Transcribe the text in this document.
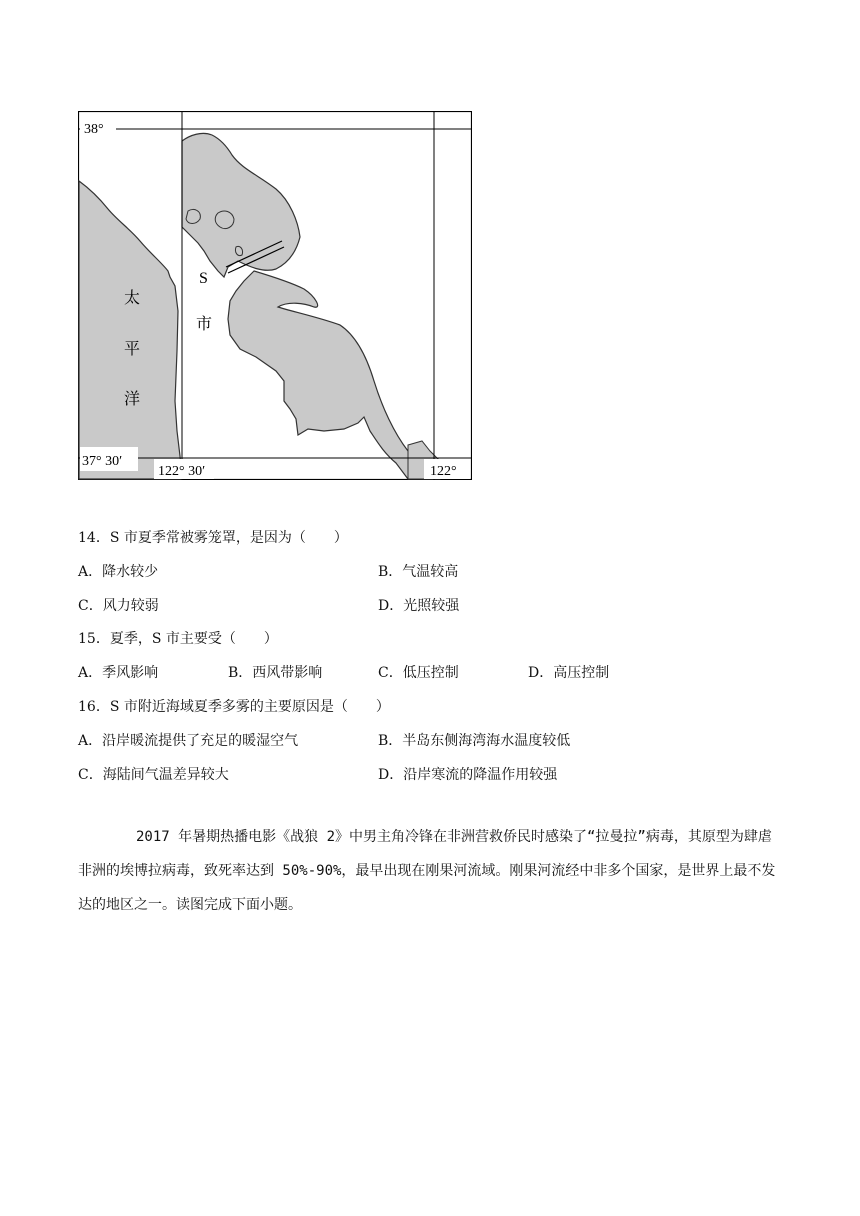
38°
37° 30′
122° 30′	122°
S
市
太
平
洋
14．S 市夏季常被雾笼罩，是因为（　　）
A．降水较少	B．气温较高
C．风力较弱	D．光照较强
15．夏季，S 市主要受（　　）
A．季风影响	B．西风带影响	C．低压控制	D．高压控制
16．S 市附近海域夏季多雾的主要原因是（　　）
A．沿岸暖流提供了充足的暖湿空气	B．半岛东侧海湾海水温度较低
C．海陆间气温差异较大	D．沿岸寒流的降温作用较强
2017 年暑期热播电影《战狼 2》中男主角冷锋在非洲营救侨民时感染了“拉曼拉”病毒，其原型为肆虐非洲的埃博拉病毒，致死率达到 50%-90%，最早出现在刚果河流域。刚果河流经中非多个国家，是世界上最不发达的地区之一。读图完成下面小题。
